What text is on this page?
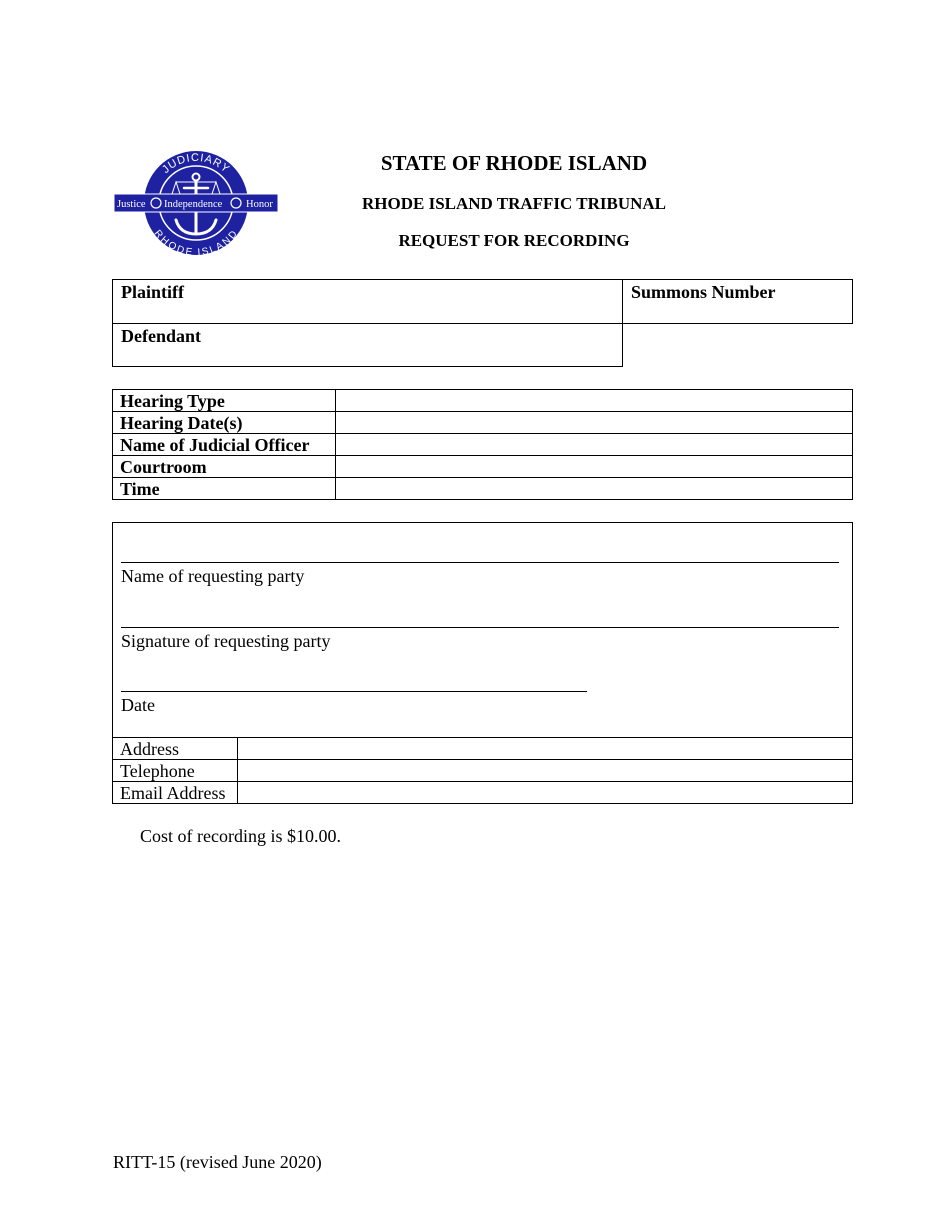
JUDICIARY
RHODE ISLAND
Justice Independence Honor
STATE OF RHODE ISLAND
RHODE ISLAND TRAFFIC TRIBUNAL
REQUEST FOR RECORDING
Plaintiff
Defendant
Summons Number
Hearing Type	
Hearing Date(s)	
Name of Judicial Officer	
Courtroom	
Time	
Name of requesting party
Signature of requesting party
Date
Address	
Telephone	
Email Address	
Cost of recording is $10.00.
RITT-15 (revised June 2020)
